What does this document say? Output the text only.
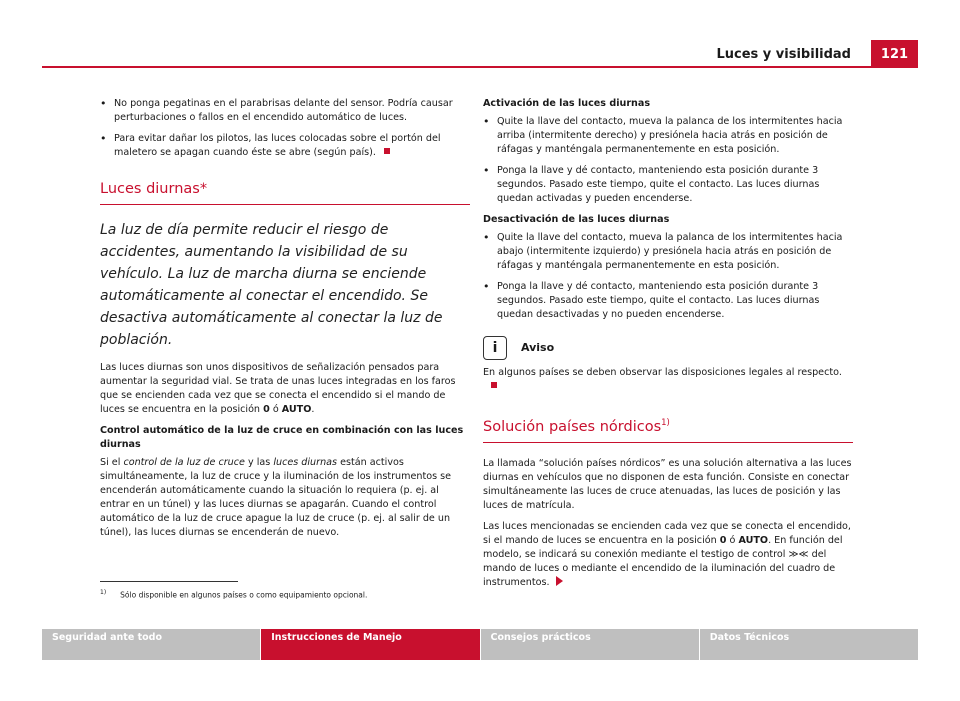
121
Luces y visibilidad

• No ponga pegatinas en el parabrisas delante del sensor. Podría causar perturbaciones o fallos en el encendido automático de luces.

• Para evitar dañar los pilotos, las luces colocadas sobre el portón del maletero se apagan cuando éste se abre (según país).

Luces diurnas*
La luz de día permite reducir el riesgo de accidentes, aumentando la visibilidad de su vehículo. La luz de marcha diurna se enciende automáticamente al conectar el encendido. Se desactiva automáticamente al conectar la luz de población.

Las luces diurnas son unos dispositivos de señalización pensados para aumentar la seguridad vial. Se trata de unas luces integradas en los faros que se encienden cada vez que se conecta el encendido si el mando de luces se encuentra en la posición 0 ó AUTO.

Control automático de la luz de cruce en combinación con las luces diurnas

Si el control de la luz de cruce y las luces diurnas están activos simultáneamente, la luz de cruce y la iluminación de los instrumentos se encenderán automáticamente cuando la situación lo requiera (p. ej. al entrar en un túnel) y las luces diurnas se apagarán. Cuando el control automático de la luz de cruce apague la luz de cruce (p. ej. al salir de un túnel), las luces diurnas se encenderán de nuevo.

Activación de las luces diurnas

• Quite la llave del contacto, mueva la palanca de los intermitentes hacia arriba (intermitente derecho) y presiónela hacia atrás en posición de ráfagas y manténgala permanentemente en esta posición.

• Ponga la llave y dé contacto, manteniendo esta posición durante 3 segundos. Pasado este tiempo, quite el contacto. Las luces diurnas quedan activadas y pueden encenderse.

Desactivación de las luces diurnas

• Quite la llave del contacto, mueva la palanca de los intermitentes hacia abajo (intermitente izquierdo) y presiónela hacia atrás en posición de ráfagas y manténgala permanentemente en esta posición.

• Ponga la llave y dé contacto, manteniendo esta posición durante 3 segundos. Pasado este tiempo, quite el contacto. Las luces diurnas quedan desactivadas y no pueden encenderse.

i	Aviso

En algunos países se deben observar las disposiciones legales al respecto.

Solución países nórdicos$^{1)}$

La llamada “solución países nórdicos” es una solución alternativa a las luces diurnas en vehículos que no disponen de esta función. Consiste en conectar simultáneamente las luces de cruce atenuadas, las luces de posición y las luces de matrícula.

Las luces mencionadas se encienden cada vez que se conecta el encendido, si el mando de luces se encuentra en la posición 0 ó AUTO. En función del modelo, se indicará su conexión mediante el testigo de control ≫≪ del mando de luces o mediante el encendido de la iluminación del cuadro de instrumentos.

$^{1)}$ Sólo disponible en algunos países o como equipamiento opcional.
Seguridad ante todo	Instrucciones de Manejo	Consejos prácticos	Datos Técnicos
